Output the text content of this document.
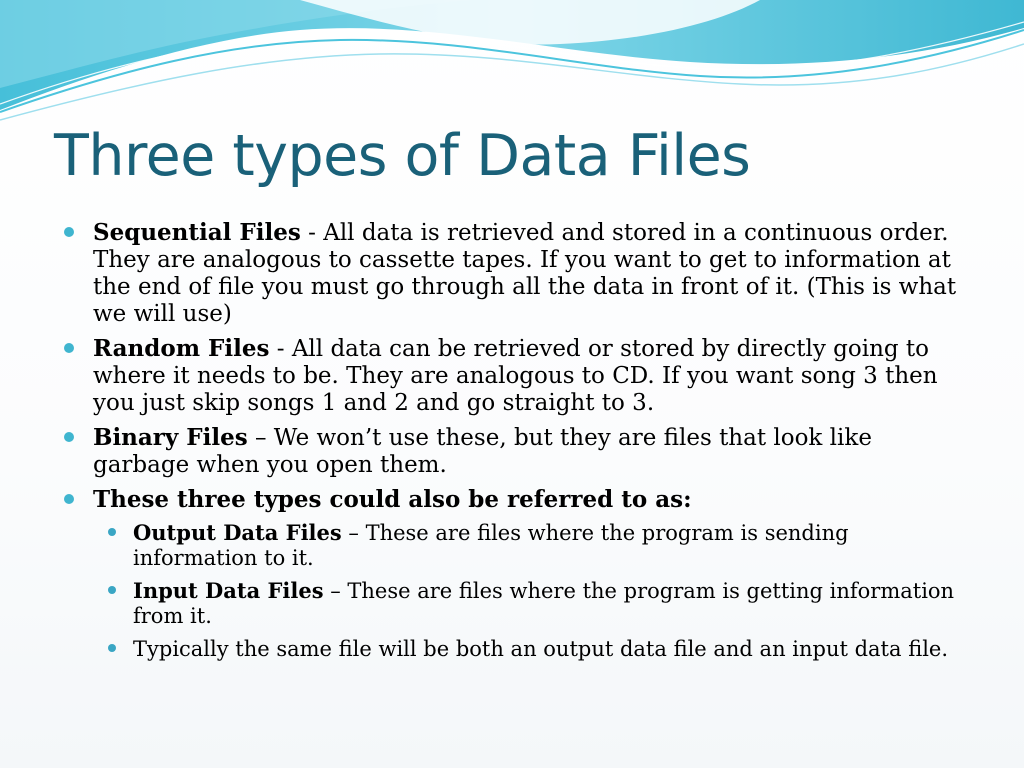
Three types of Data Files
Sequential Files - All data is retrieved and stored in a continuous order. They are analogous to cassette tapes. If you want to get to information at the end of file you must go through all the data in front of it. (This is what we will use)
Random Files - All data can be retrieved or stored by directly going to where it needs to be. They are analogous to CD. If you want song 3 then you just skip songs 1 and 2 and go straight to 3.
Binary Files – We won’t use these, but they are files that look like garbage when you open them.
These three types could also be referred to as:
Output Data Files – These are files where the program is sending information to it.
Input Data Files – These are files where the program is getting information from it.
Typically the same file will be both an output data file and an input data file.
